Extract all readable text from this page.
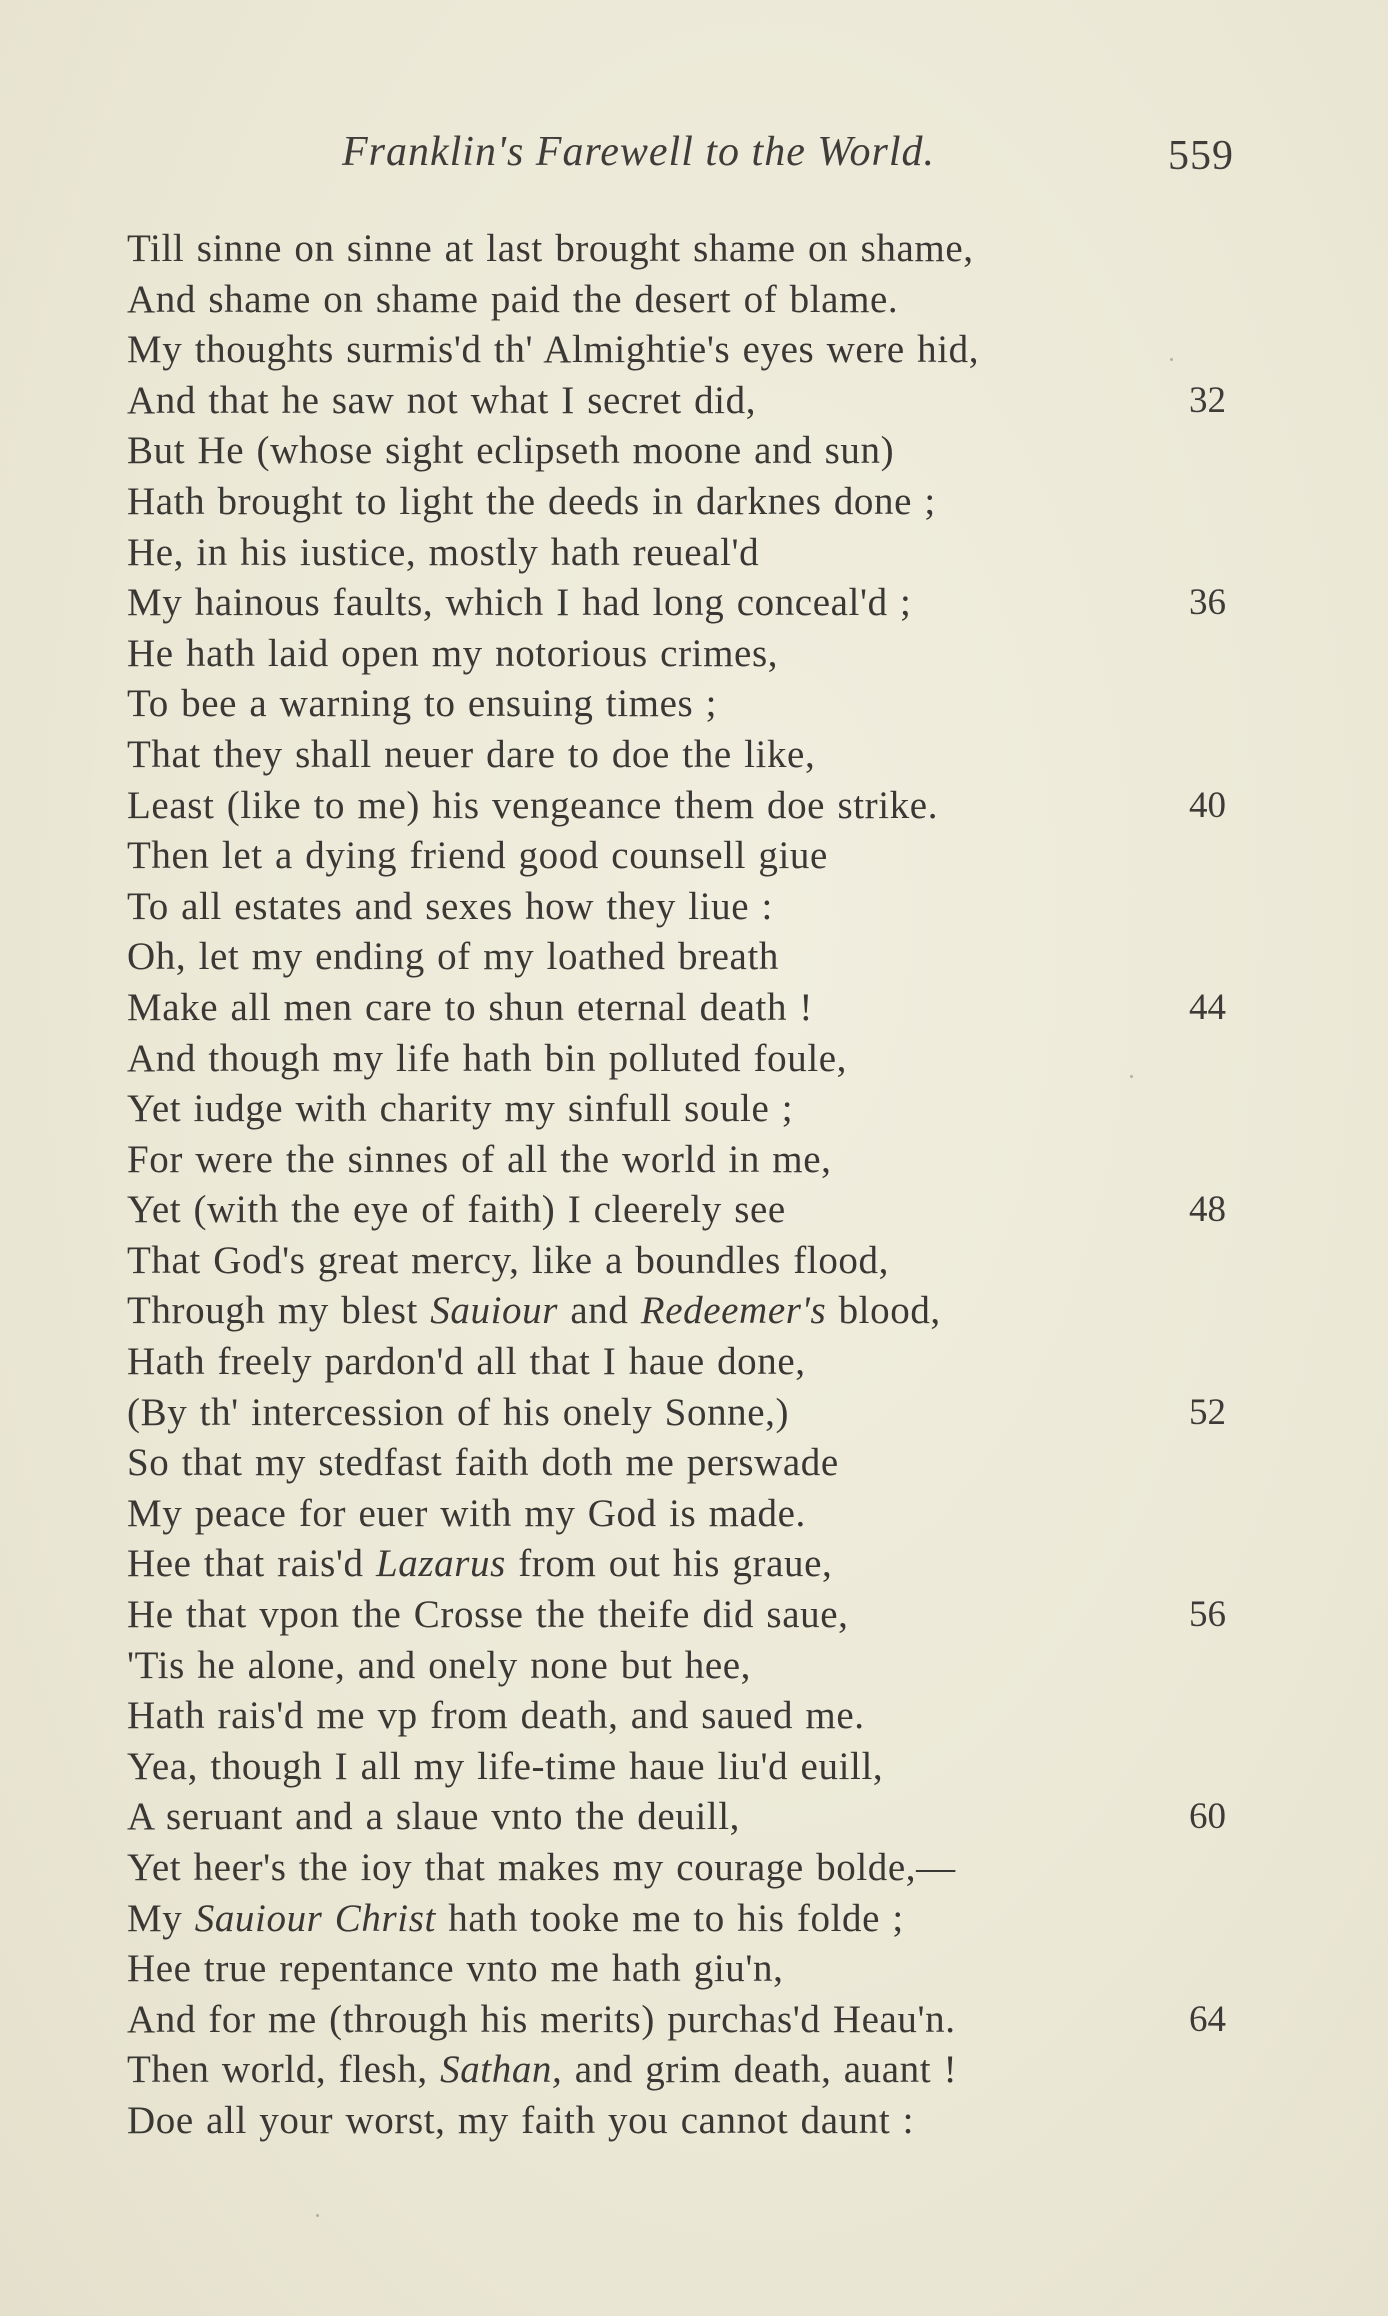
Franklin's Farewell to the World.	559
Till sinne on sinne at last brought shame on shame,
And shame on shame paid the desert of blame.
My thoughts surmis'd th' Almightie's eyes were hid,
And that he saw not what I secret did,	32
But He (whose sight eclipseth moone and sun)
Hath brought to light the deeds in darknes done ;
He, in his iustice, mostly hath reueal'd
My hainous faults, which I had long conceal'd ;	36
He hath laid open my notorious crimes,
To bee a warning to ensuing times ;
That they shall neuer dare to doe the like,
Least (like to me) his vengeance them doe strike.	40
Then let a dying friend good counsell giue
To all estates and sexes how they liue :
Oh, let my ending of my loathed breath
Make all men care to shun eternal death !	44
And though my life hath bin polluted foule,
Yet iudge with charity my sinfull soule ;
For were the sinnes of all the world in me,
Yet (with the eye of faith) I cleerely see	48
That God's great mercy, like a boundles flood,
Through my blest Sauiour and Redeemer's blood,
Hath freely pardon'd all that I haue done,
(By th' intercession of his onely Sonne,)	52
So that my stedfast faith doth me perswade
My peace for euer with my God is made.
Hee that rais'd Lazarus from out his graue,
He that vpon the Crosse the theife did saue,	56
'Tis he alone, and onely none but hee,
Hath rais'd me vp from death, and saued me.
Yea, though I all my life-time haue liu'd euill,
A seruant and a slaue vnto the deuill,	60
Yet heer's the ioy that makes my courage bolde,—
My Sauiour Christ hath tooke me to his folde ;
Hee true repentance vnto me hath giu'n,
And for me (through his merits) purchas'd Heau'n.	64
Then world, flesh, Sathan, and grim death, auant !
Doe all your worst, my faith you cannot daunt :
